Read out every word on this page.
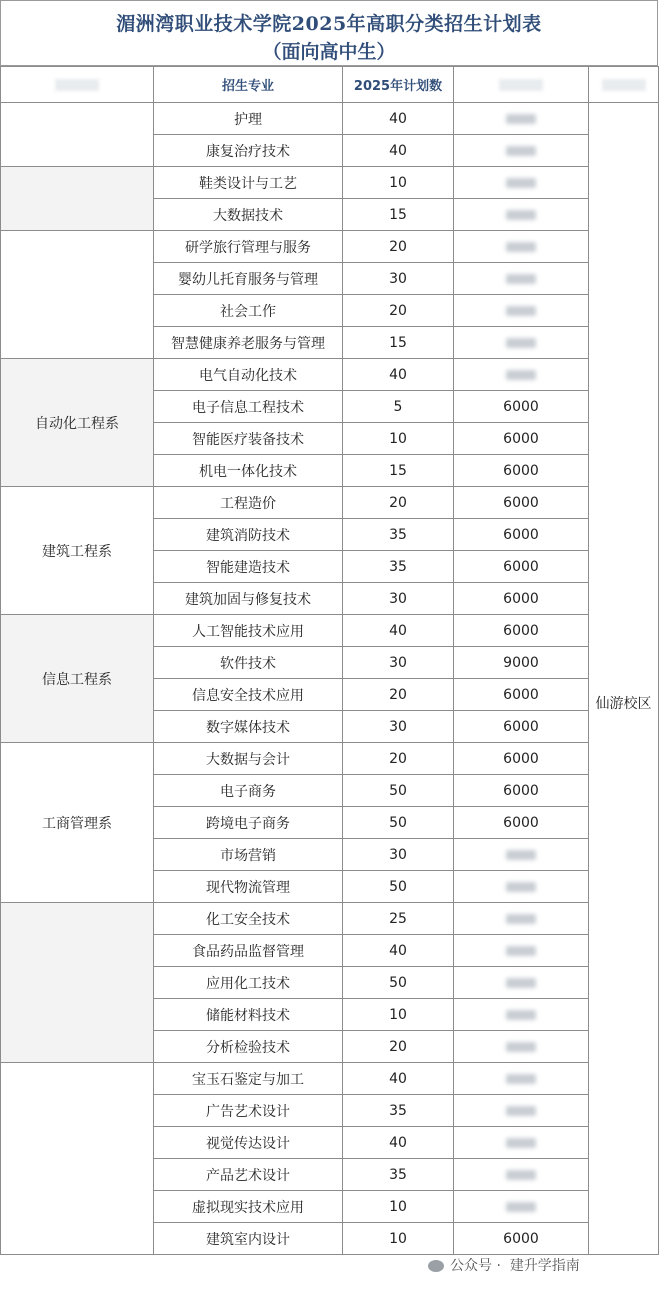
湄洲湾职业技术学院2025年高职分类招生计划表
（面向高中生）
	招生专业	2025年计划数		
	护理	40		仙游校区

	康复治疗技术	40		
	鞋类设计与工艺	10		
	大数据技术	15		
	研学旅行管理与服务	20		
	婴幼儿托育服务与管理	30		
	社会工作	20		
	智慧健康养老服务与管理	15		
自动化工程系	电气自动化技术	40		
	电子信息工程技术	5	6000	
	智能医疗装备技术	10	6000	
	机电一体化技术	15	6000	
建筑工程系	工程造价	20	6000	
	建筑消防技术	35	6000	
	智能建造技术	35	6000	
	建筑加固与修复技术	30	6000	
信息工程系	人工智能技术应用	40	6000	
	软件技术	30	9000	
	信息安全技术应用	20	6000	
	数字媒体技术	30	6000	
工商管理系	大数据与会计	20	6000	
	电子商务	50	6000	
	跨境电子商务	50	6000	
	市场营销	30		
	现代物流管理	50		
	化工安全技术	25		
	食品药品监督管理	40		
	应用化工技术	50		
	储能材料技术	10		
	分析检验技术	20		
	宝玉石鉴定与加工	40		
	广告艺术设计	35		
	视觉传达设计	40		
	产品艺术设计	35		
	虚拟现实技术应用	10		
	建筑室内设计	10	6000	
公众号 ·  建升学指南
